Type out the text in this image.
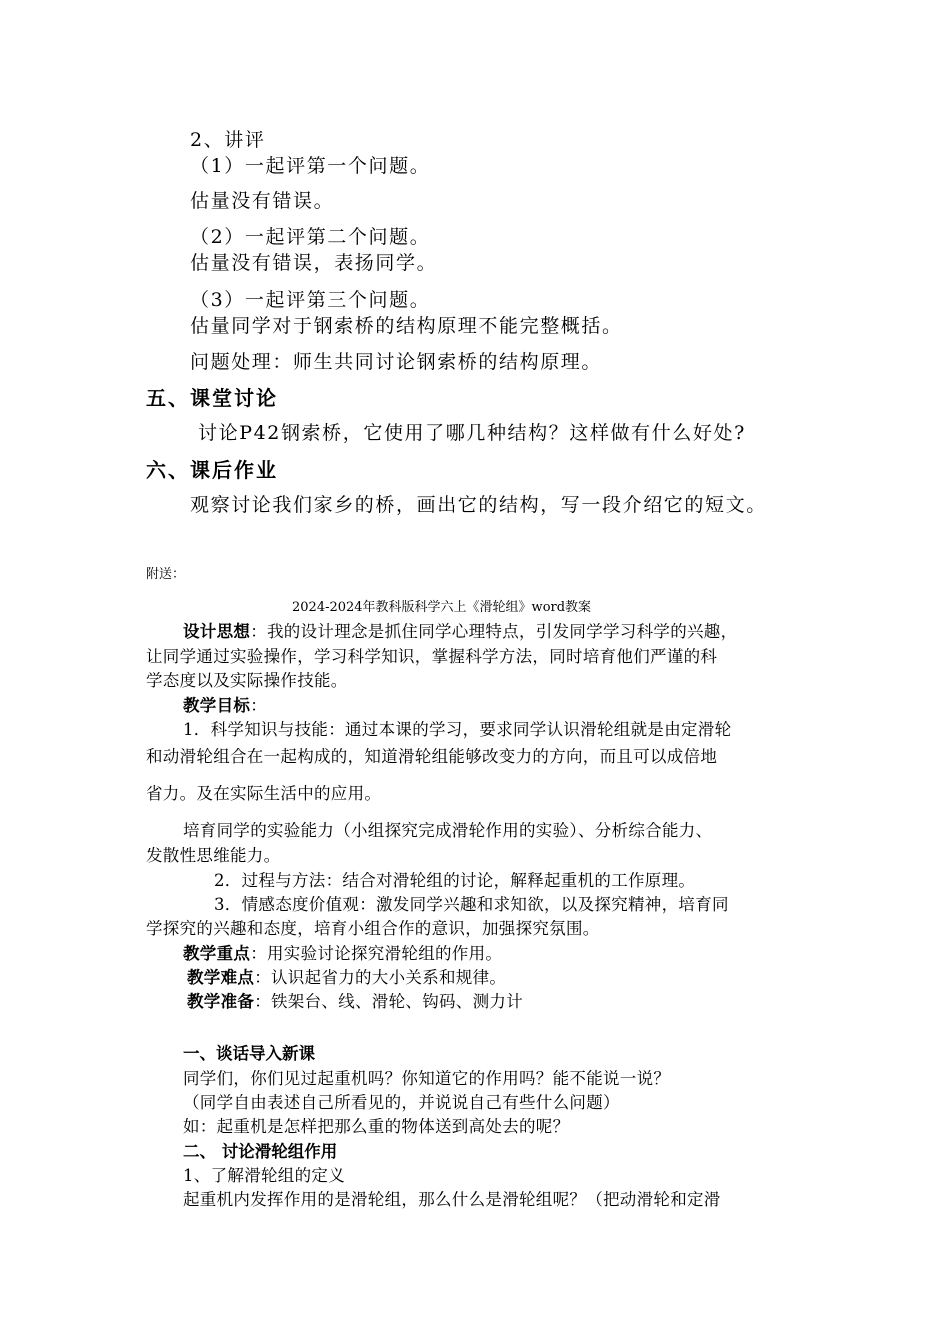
2、讲评
（1）一起评第一个问题。
估量没有错误。
（2）一起评第二个问题。
估量没有错误，表扬同学。
（3）一起评第三个问题。
估量同学对于钢索桥的结构原理不能完整概括。
问题处理：师生共同讨论钢索桥的结构原理。
五、课堂讨论
讨论P42钢索桥，它使用了哪几种结构？这样做有什么好处?
六、课后作业
观察讨论我们家乡的桥，画出它的结构，写一段介绍它的短文。
附送：
2024-2024年教科版科学六上《滑轮组》word教案
设计思想：我的设计理念是抓住同学心理特点，引发同学学习科学的兴趣，
让同学通过实验操作，学习科学知识，掌握科学方法，同时培育他们严谨的科
学态度以及实际操作技能。
教学目标：
1．科学知识与技能：通过本课的学习，要求同学认识滑轮组就是由定滑轮
和动滑轮组合在一起构成的，知道滑轮组能够改变力的方向，而且可以成倍地
省力。及在实际生活中的应用。
培育同学的实验能力（小组探究完成滑轮作用的实验）、分析综合能力、
发散性思维能力。
2．过程与方法：结合对滑轮组的讨论，解释起重机的工作原理。
3．情感态度价值观：激发同学兴趣和求知欲，以及探究精神，培育同
学探究的兴趣和态度，培育小组合作的意识，加强探究氛围。
教学重点：用实验讨论探究滑轮组的作用。
教学难点：认识起省力的大小关系和规律。
教学准备：铁架台、线、滑轮、钩码、测力计
一、谈话导入新课
同学们，你们见过起重机吗？你知道它的作用吗？能不能说一说？
（同学自由表述自己所看见的，并说说自己有些什么问题）
如：起重机是怎样把那么重的物体送到高处去的呢？
二、 讨论滑轮组作用
1、了解滑轮组的定义
起重机内发挥作用的是滑轮组，那么什么是滑轮组呢？（把动滑轮和定滑
